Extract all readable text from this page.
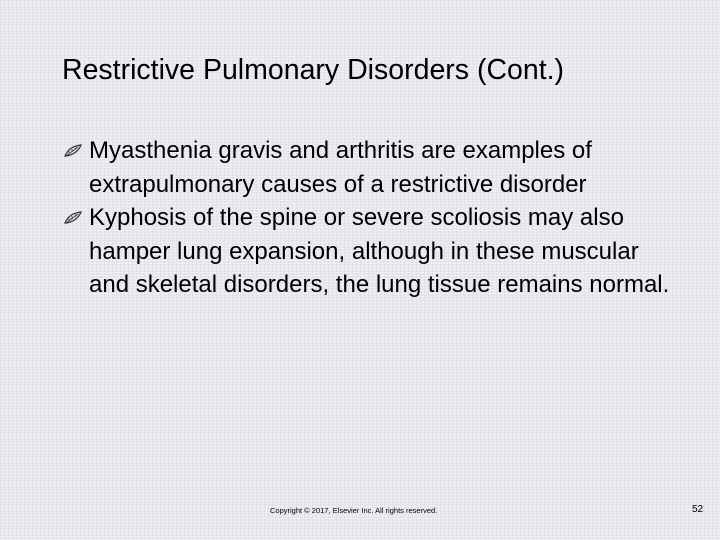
Restrictive Pulmonary Disorders (Cont.)
Myasthenia gravis and arthritis are examples of extrapulmonary causes of a restrictive disorder
Kyphosis of the spine or severe scoliosis may also hamper lung expansion, although in these muscular and skeletal disorders, the lung tissue remains normal.
Copyright © 2017, Elsevier Inc. All rights reserved.	52
